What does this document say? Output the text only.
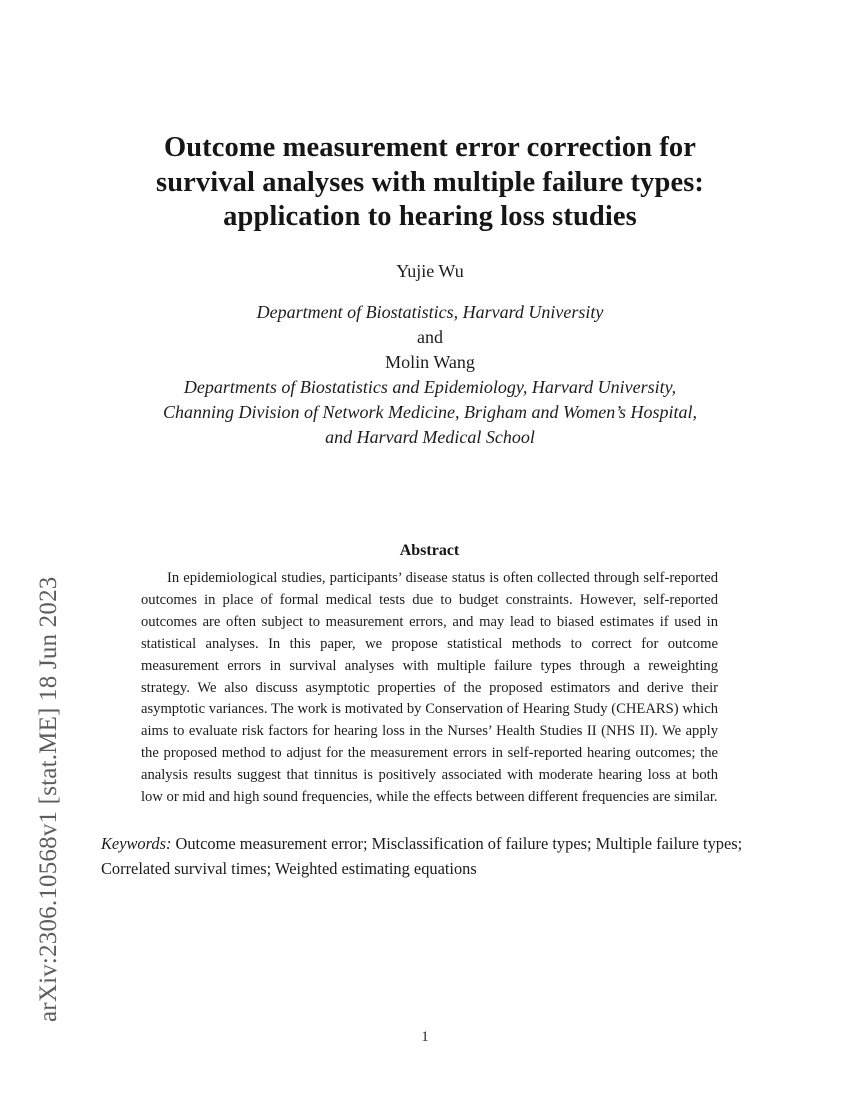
arXiv:2306.10568v1 [stat.ME] 18 Jun 2023
Outcome measurement error correction for
survival analyses with multiple failure types:
application to hearing loss studies
Yujie Wu
Department of Biostatistics, Harvard University
and
Molin Wang
Departments of Biostatistics and Epidemiology, Harvard University,
Channing Division of Network Medicine, Brigham and Women’s Hospital,
and Harvard Medical School
Abstract
In epidemiological studies, participants’ disease status is often collected through self-reported outcomes in place of formal medical tests due to budget constraints. However, self-reported outcomes are often subject to measurement errors, and may lead to biased estimates if used in statistical analyses. In this paper, we propose statistical methods to correct for outcome measurement errors in survival analyses with multiple failure types through a reweighting strategy. We also discuss asymptotic properties of the proposed estimators and derive their asymptotic variances. The work is motivated by Conservation of Hearing Study (CHEARS) which aims to evaluate risk factors for hearing loss in the Nurses’ Health Studies II (NHS II). We apply the proposed method to adjust for the measurement errors in self-reported hearing outcomes; the analysis results suggest that tinnitus is positively associated with moderate hearing loss at both low or mid and high sound frequencies, while the effects between different frequencies are similar.
Keywords: Outcome measurement error; Misclassification of failure types; Multiple failure types; Correlated survival times; Weighted estimating equations
1
